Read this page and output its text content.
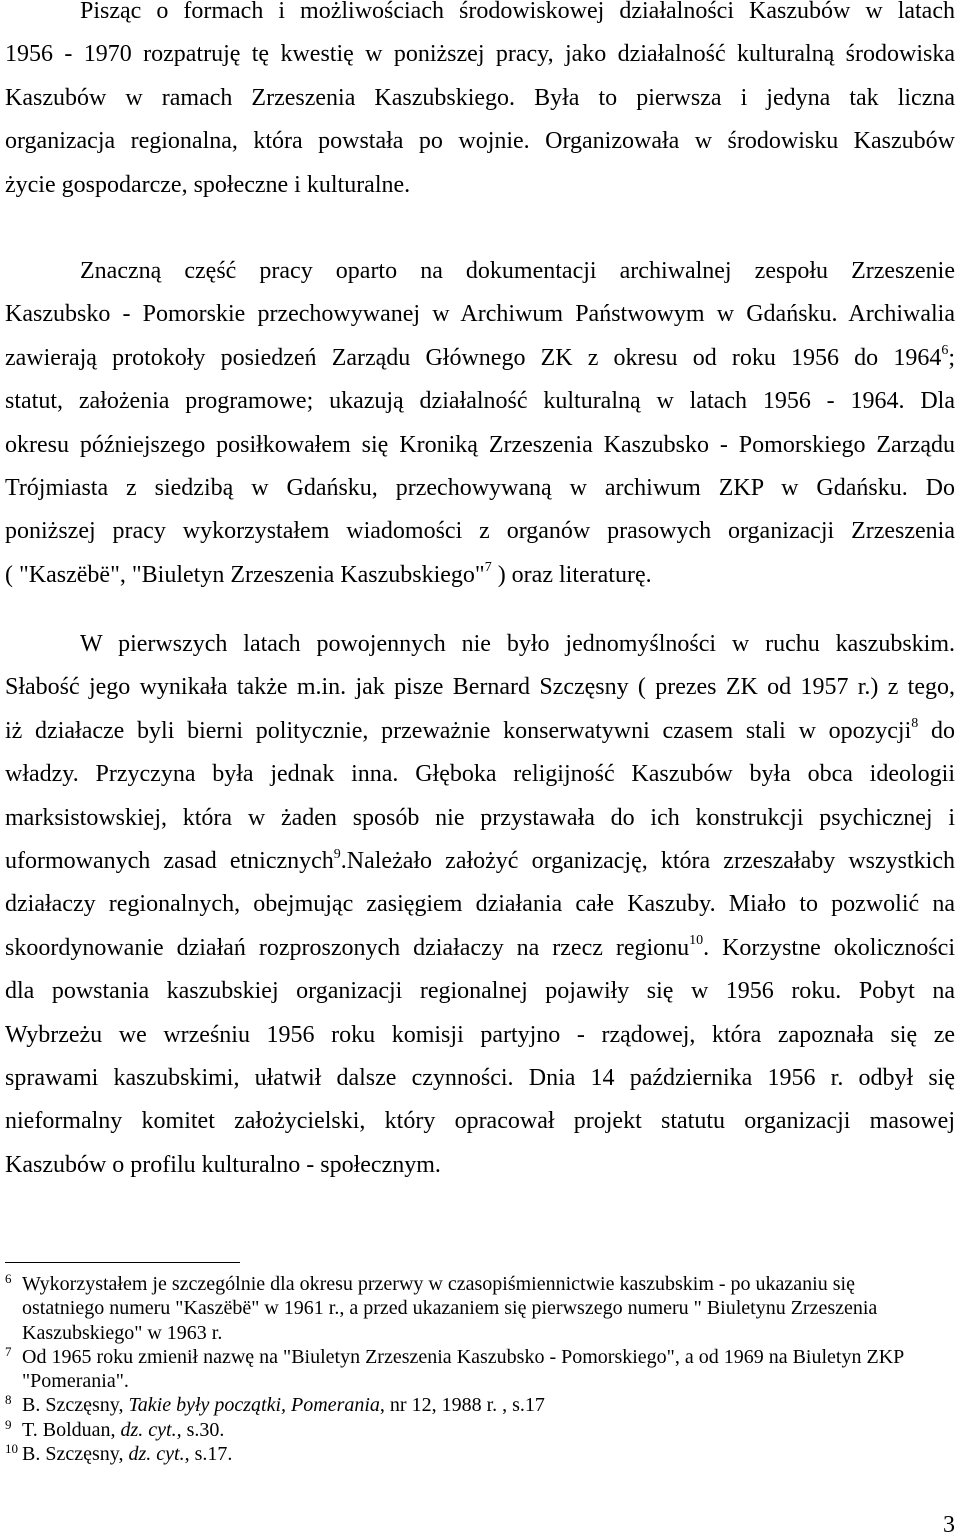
Pisząc o formach i możliwościach środowiskowej działalności Kaszubów w latach
1956 - 1970 rozpatruję tę kwestię w poniższej pracy, jako działalność kulturalną środowiska
Kaszubów w ramach Zrzeszenia Kaszubskiego. Była to pierwsza i jedyna tak liczna
organizacja regionalna, która powstała po wojnie. Organizowała w środowisku Kaszubów
życie gospodarcze, społeczne i kulturalne.
Znaczną część pracy oparto na dokumentacji archiwalnej zespołu Zrzeszenie
Kaszubsko - Pomorskie przechowywanej w Archiwum Państwowym w Gdańsku. Archiwalia
zawierają protokoły posiedzeń Zarządu Głównego ZK z okresu od roku 1956 do 1964$^6$;
statut, założenia programowe; ukazują działalność kulturalną w latach 1956 - 1964. Dla
okresu późniejszego posiłkowałem się Kroniką Zrzeszenia Kaszubsko - Pomorskiego Zarządu
Trójmiasta z siedzibą w Gdańsku, przechowywaną w archiwum ZKP w Gdańsku. Do
poniższej pracy wykorzystałem wiadomości z organów prasowych organizacji Zrzeszenia
( "Kaszëbë", "Biuletyn Zrzeszenia Kaszubskiego"$^7$ ) oraz literaturę.
W pierwszych latach powojennych nie było jednomyślności w ruchu kaszubskim.
Słabość jego wynikała także m.in. jak pisze Bernard Szczęsny ( prezes ZK od 1957 r.) z tego,
iż działacze byli bierni politycznie, przeważnie konserwatywni czasem stali w opozycji$^8$ do
władzy. Przyczyna była jednak inna. Głęboka religijność Kaszubów była obca ideologii
marksistowskiej, która w żaden sposób nie przystawała do ich konstrukcji psychicznej i
uformowanych zasad etnicznych$^9$.Należało założyć organizację, która zrzeszałaby wszystkich
działaczy regionalnych, obejmując zasięgiem działania całe Kaszuby. Miało to pozwolić na
skoordynowanie działań rozproszonych działaczy na rzecz regionu$^{10}$. Korzystne okoliczności
dla powstania kaszubskiej organizacji regionalnej pojawiły się w 1956 roku. Pobyt na
Wybrzeżu we wrześniu 1956 roku komisji partyjno - rządowej, która zapoznała się ze
sprawami kaszubskimi, ułatwił dalsze czynności. Dnia 14 października 1956 r. odbył się
nieformalny komitet założycielski, który opracował projekt statutu organizacji masowej
Kaszubów o profilu kulturalno - społecznym.
6 Wykorzystałem je szczególnie dla okresu przerwy w czasopiśmiennictwie kaszubskim - po ukazaniu się
ostatniego numeru "Kaszëbë" w 1961 r., a przed ukazaniem się pierwszego numeru " Biuletynu Zrzeszenia
Kaszubskiego" w 1963 r.
7 Od 1965 roku zmienił nazwę na "Biuletyn Zrzeszenia Kaszubsko - Pomorskiego", a od 1969 na Biuletyn ZKP
"Pomerania".
8 B. Szczęsny, Takie były początki, Pomerania, nr 12, 1988 r. , s.17
9 T. Bolduan, dz. cyt., s.30.
10 B. Szczęsny, dz. cyt., s.17.
3
